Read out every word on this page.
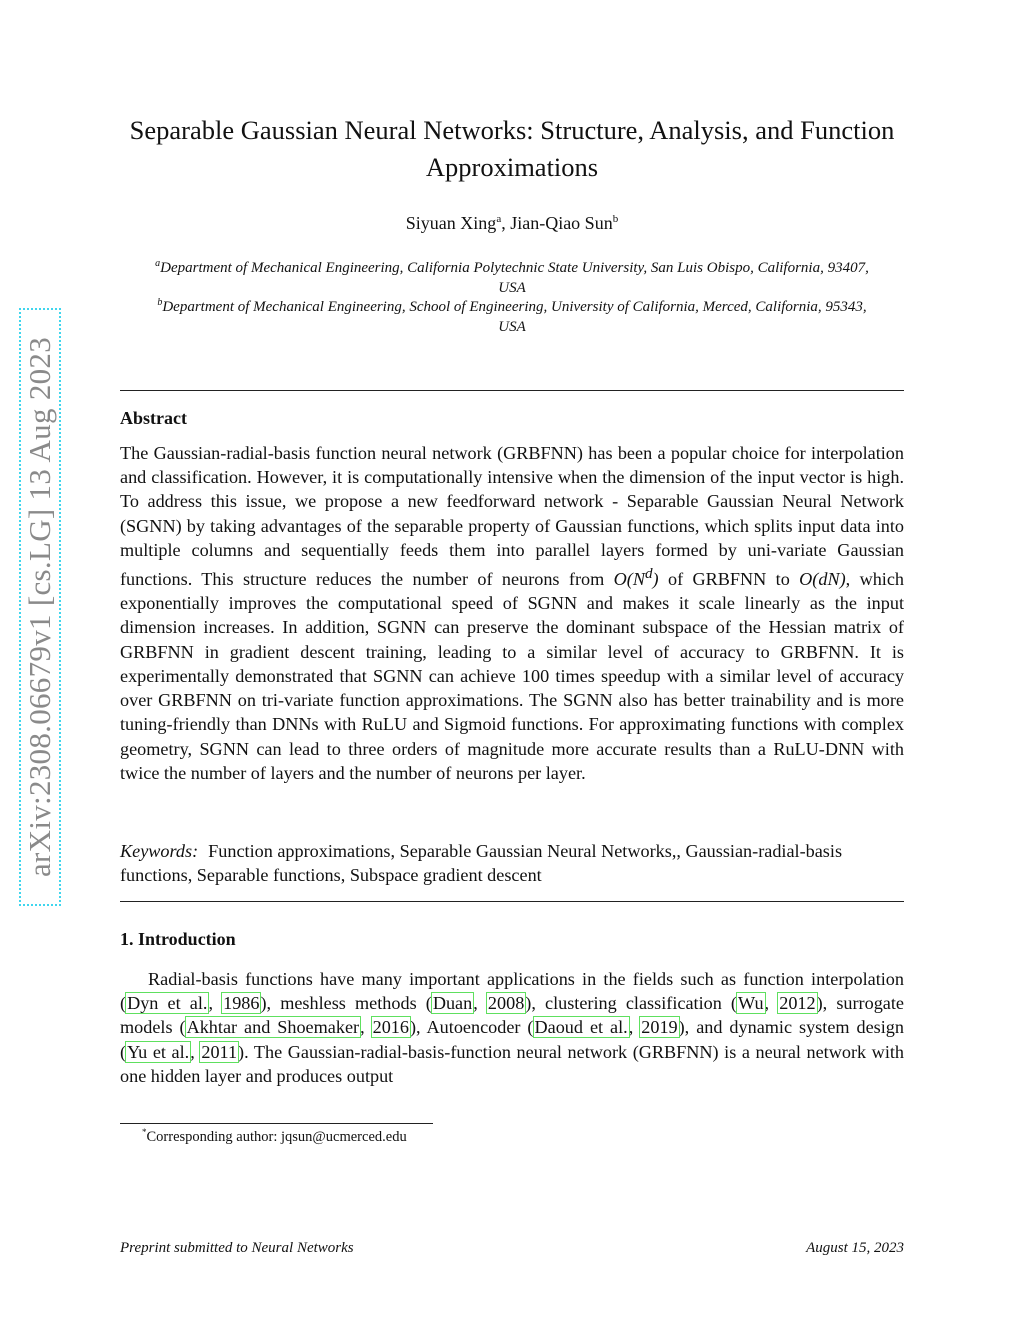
arXiv:2308.06679v1 [cs.LG] 13 Aug 2023
Separable Gaussian Neural Networks: Structure, Analysis, and Function Approximations
Siyuan Xing$^a$, Jian-Qiao Sun$^b$
$^a$Department of Mechanical Engineering, California Polytechnic State University, San Luis Obispo, California, 93407, USA
$^b$Department of Mechanical Engineering, School of Engineering, University of California, Merced, California, 95343, USA
Abstract
The Gaussian-radial-basis function neural network (GRBFNN) has been a popular choice for interpolation and classification. However, it is computationally intensive when the dimension of the input vector is high. To address this issue, we propose a new feedforward network - Separable Gaussian Neural Network (SGNN) by taking advantages of the separable property of Gaussian functions, which splits input data into multiple columns and sequentially feeds them into parallel layers formed by uni-variate Gaussian functions. This structure reduces the number of neurons from $O(N^d)$ of GRBFNN to O(dN), which exponentially improves the computational speed of SGNN and makes it scale linearly as the input dimension increases. In addition, SGNN can preserve the dominant subspace of the Hessian matrix of GRBFNN in gradient descent training, leading to a similar level of accuracy to GRBFNN. It is experimentally demonstrated that SGNN can achieve 100 times speedup with a similar level of accuracy over GRBFNN on tri-variate function approximations. The SGNN also has better trainability and is more tuning-friendly than DNNs with RuLU and Sigmoid functions. For approximating functions with complex geometry, SGNN can lead to three orders of magnitude more accurate results than a RuLU-DNN with twice the number of layers and the number of neurons per layer.
Keywords: Function approximations, Separable Gaussian Neural Networks,, Gaussian-radial-basis functions, Separable functions, Subspace gradient descent
1. Introduction
Radial-basis functions have many important applications in the fields such as function interpolation (Dyn et al., 1986), meshless methods (Duan, 2008), clustering classification (Wu, 2012), surrogate models (Akhtar and Shoemaker, 2016), Autoencoder (Daoud et al., 2019), and dynamic system design (Yu et al., 2011). The Gaussian-radial-basis-function neural network (GRBFNN) is a neural network with one hidden layer and produces output
*Corresponding author: jqsun@ucmerced.edu
Preprint submitted to Neural Networks	August 15, 2023
